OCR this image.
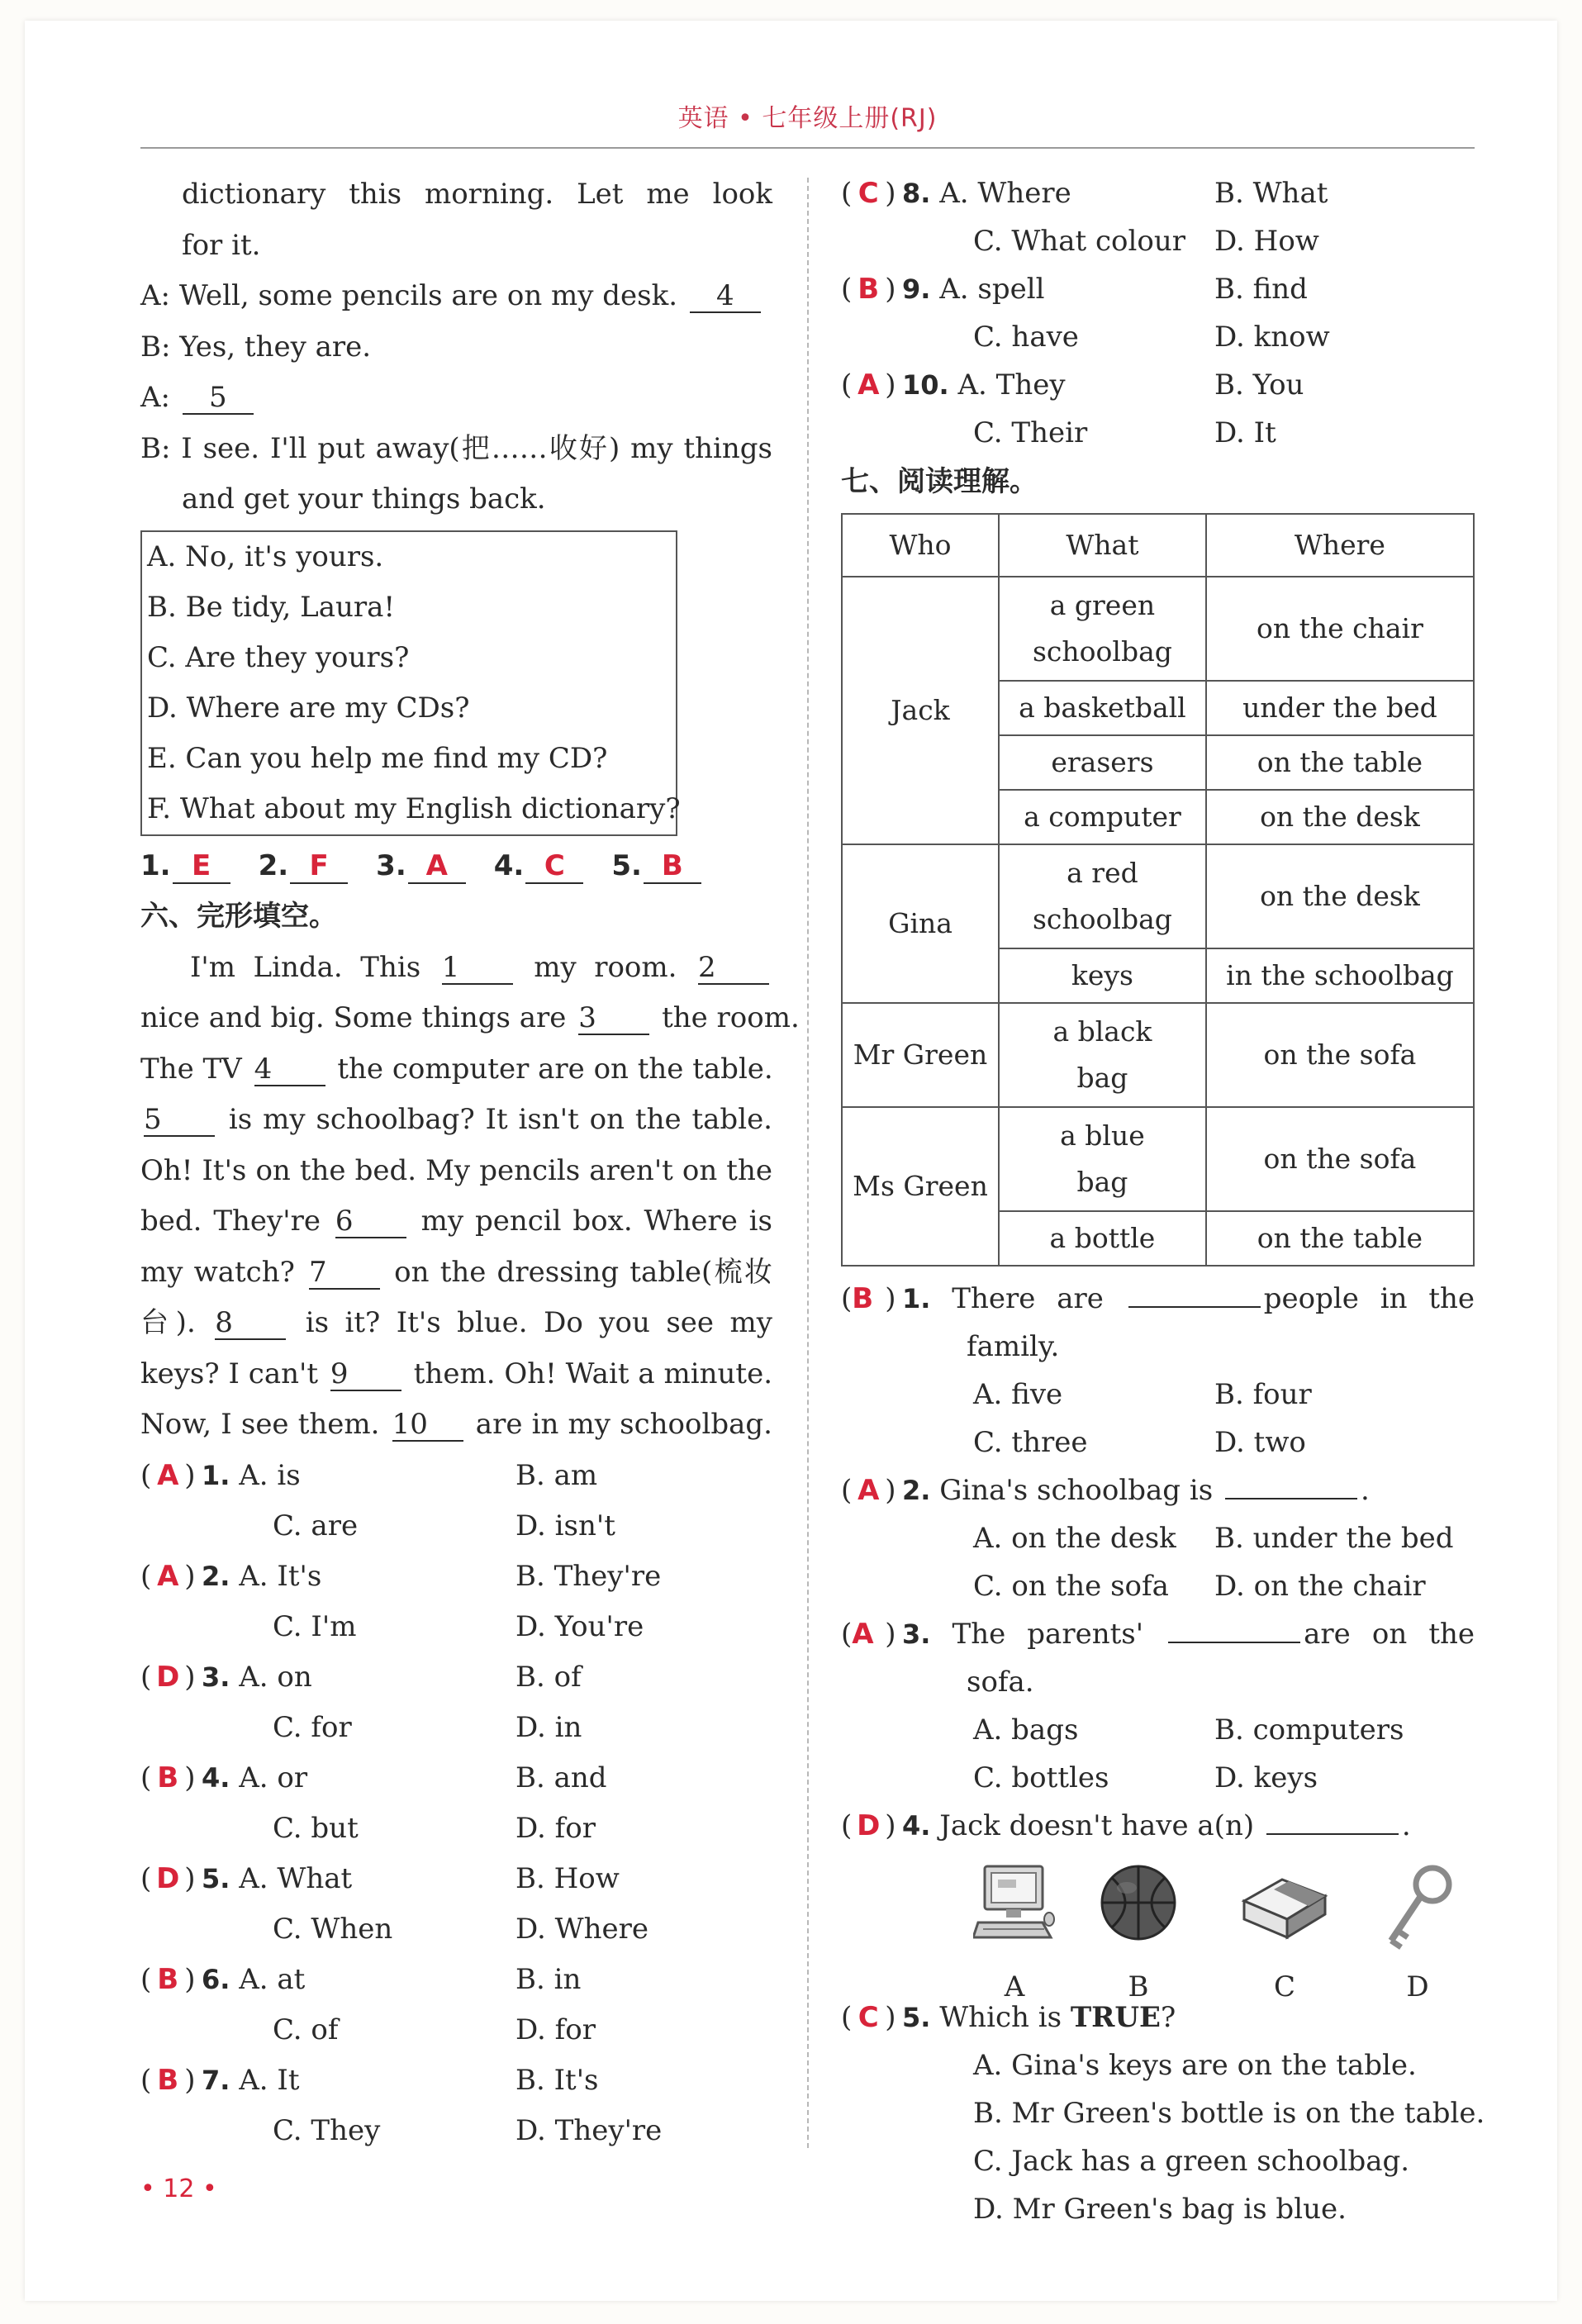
英语 • 七年级上册(RJ)
dictionary this morning. Let me look
for it.
A: Well, some pencils are on my desk. 4
B: Yes, they are.
A: 5
B: I see. I'll put away(把……收好) my things
and get your things back.
A. No, it's yours.
B. Be tidy, Laura!
C. Are they yours?
D. Where are my CDs?
E. Can you help me find my CD?
F. What about my English dictionary?
1. E 2. F 3. A 4. C 5. B
六、完形填空。
I'm Linda. This 1	my room. 2
nice and big. Some things are 3 the room.
The TV 4 the computer are on the table.
5 is my schoolbag? It isn't on the table.
Oh! It's on the bed. My pencils aren't on the
bed. They're 6 my pencil box. Where is
my watch? 7 on the dressing table(梳妆
台). 8	is it? It's blue. Do you see my
keys? I can't 9 them. Oh! Wait a minute.
Now, I see them. 10 are in my schoolbag.
( A ) 1. A. is	B. am
C. are	D. isn't
( A ) 2. A. It's	B. They're
C. I'm	D. You're
( D ) 3. A. on	B. of
C. for	D. in
( B ) 4. A. or	B. and
C. but	D. for
( D ) 5. A. What	B. How
C. When	D. Where
( B ) 6. A. at	B. in
C. of	D. for
( B ) 7. A. It	B. It's
C. They	D. They're
( C ) 8. A. Where	B. What
C. What colour D. How
( B ) 9. A. spell	B. find
C. have	D. know
( A ) 10. A. They	B. You
C. Their	D. It
七、阅读理解。
Who	What	Where
Jack	a green schoolbag	on the chair
	a basketball	under the bed
	erasers	on the table
	a computer	on the desk
Gina	a red schoolbag	on the desk
	keys	in the schoolbag
Mr Green	a black bag	on the sofa
Ms Green	a blue bag	on the sofa
	a bottle	on the table
(B ) 1. There are	people in the
family.
A. five	B. four
C. three	D. two
( A ) 2. Gina's schoolbag is	.
A. on the desk B. under the bed
C. on the sofa D. on the chair
(A ) 3. The parents'	are on the
sofa.
A. bags	B. computers
C. bottles	D. keys
( D ) 4. Jack doesn't have a(n)	.
A	B	C	D
( C ) 5. Which is TRUE?
A. Gina's keys are on the table.
B. Mr Green's bottle is on the table.
C. Jack has a green schoolbag.
D. Mr Green's bag is blue.
• 12 •
